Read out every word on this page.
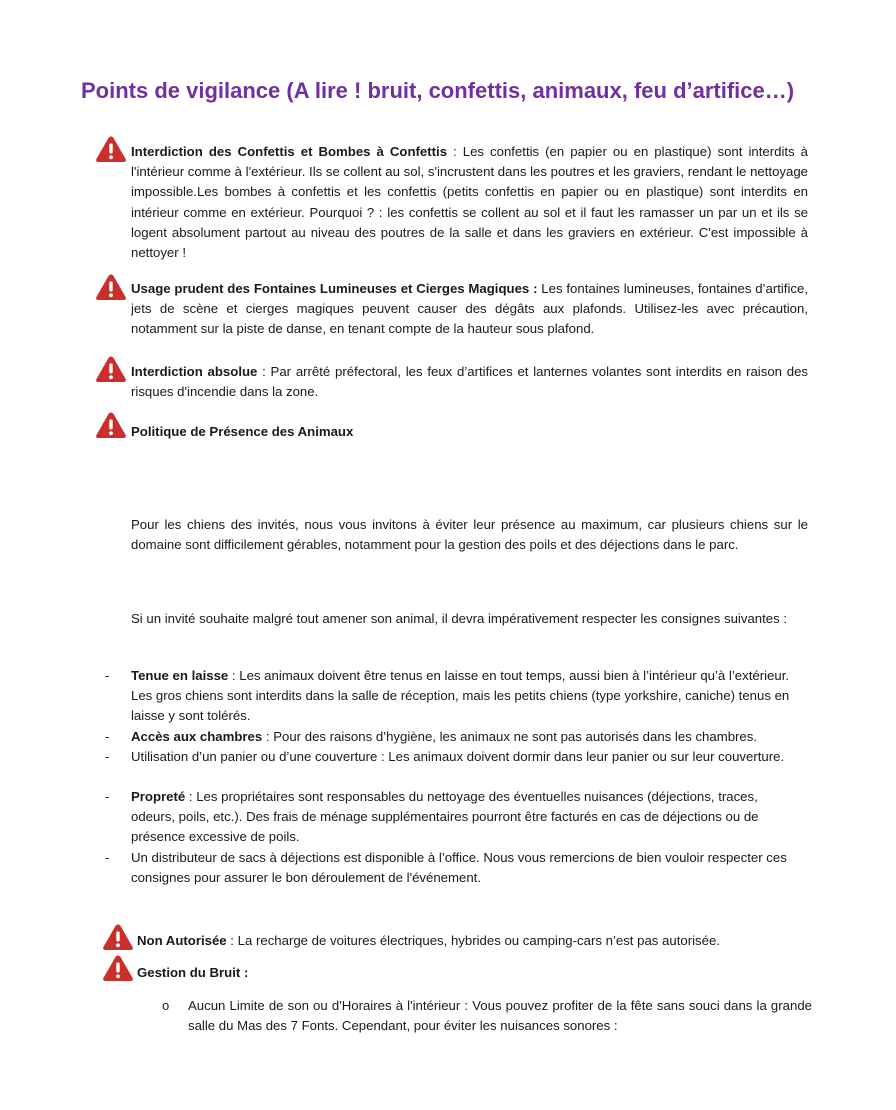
Points de vigilance (A lire ! bruit, confettis, animaux, feu d’artifice…)

Interdiction des Confettis et Bombes à Confettis : Les confettis (en papier ou en plastique) sont interdits à l'intérieur comme à l'extérieur. Ils se collent au sol, s'incrustent dans les poutres et les graviers, rendant le nettoyage impossible.Les bombes à confettis et les confettis (petits confettis en papier ou en plastique) sont interdits en intérieur comme en extérieur. Pourquoi ? : les confettis se collent au sol et il faut les ramasser un par un et ils se logent absolument partout au niveau des poutres de la salle et dans les graviers en extérieur. C'est impossible à nettoyer !

Usage prudent des Fontaines Lumineuses et Cierges Magiques : Les fontaines lumineuses, fontaines d’artifice, jets de scène et cierges magiques peuvent causer des dégâts aux plafonds. Utilisez-les avec précaution, notamment sur la piste de danse, en tenant compte de la hauteur sous plafond.

Interdiction absolue : Par arrêté préfectoral, les feux d’artifices et lanternes volantes sont interdits en raison des risques d'incendie dans la zone.

Politique de Présence des Animaux

Pour les chiens des invités, nous vous invitons à éviter leur présence au maximum, car plusieurs chiens sur le domaine sont difficilement gérables, notamment pour la gestion des poils et des déjections dans le parc.

Si un invité souhaite malgré tout amener son animal, il devra impérativement respecter les consignes suivantes :

- Tenue en laisse : Les animaux doivent être tenus en laisse en tout temps, aussi bien à l’intérieur qu’à l’extérieur. Les gros chiens sont interdits dans la salle de réception, mais les petits chiens (type yorkshire, caniche) tenus en laisse y sont tolérés.

- Accès aux chambres : Pour des raisons d’hygiène, les animaux ne sont pas autorisés dans les chambres.

- Utilisation d’un panier ou d’une couverture : Les animaux doivent dormir dans leur panier ou sur leur couverture.

- Propreté : Les propriétaires sont responsables du nettoyage des éventuelles nuisances (déjections, traces, odeurs, poils, etc.). Des frais de ménage supplémentaires pourront être facturés en cas de déjections ou de présence excessive de poils.

- Un distributeur de sacs à déjections est disponible à l’office. Nous vous remercions de bien vouloir respecter ces consignes pour assurer le bon déroulement de l'événement.

Non Autorisée : La recharge de voitures électriques, hybrides ou camping-cars n’est pas autorisée.

Gestion du Bruit :

o Aucun Limite de son ou d'Horaires à l'intérieur : Vous pouvez profiter de la fête sans souci dans la grande salle du Mas des 7 Fonts. Cependant, pour éviter les nuisances sonores :
